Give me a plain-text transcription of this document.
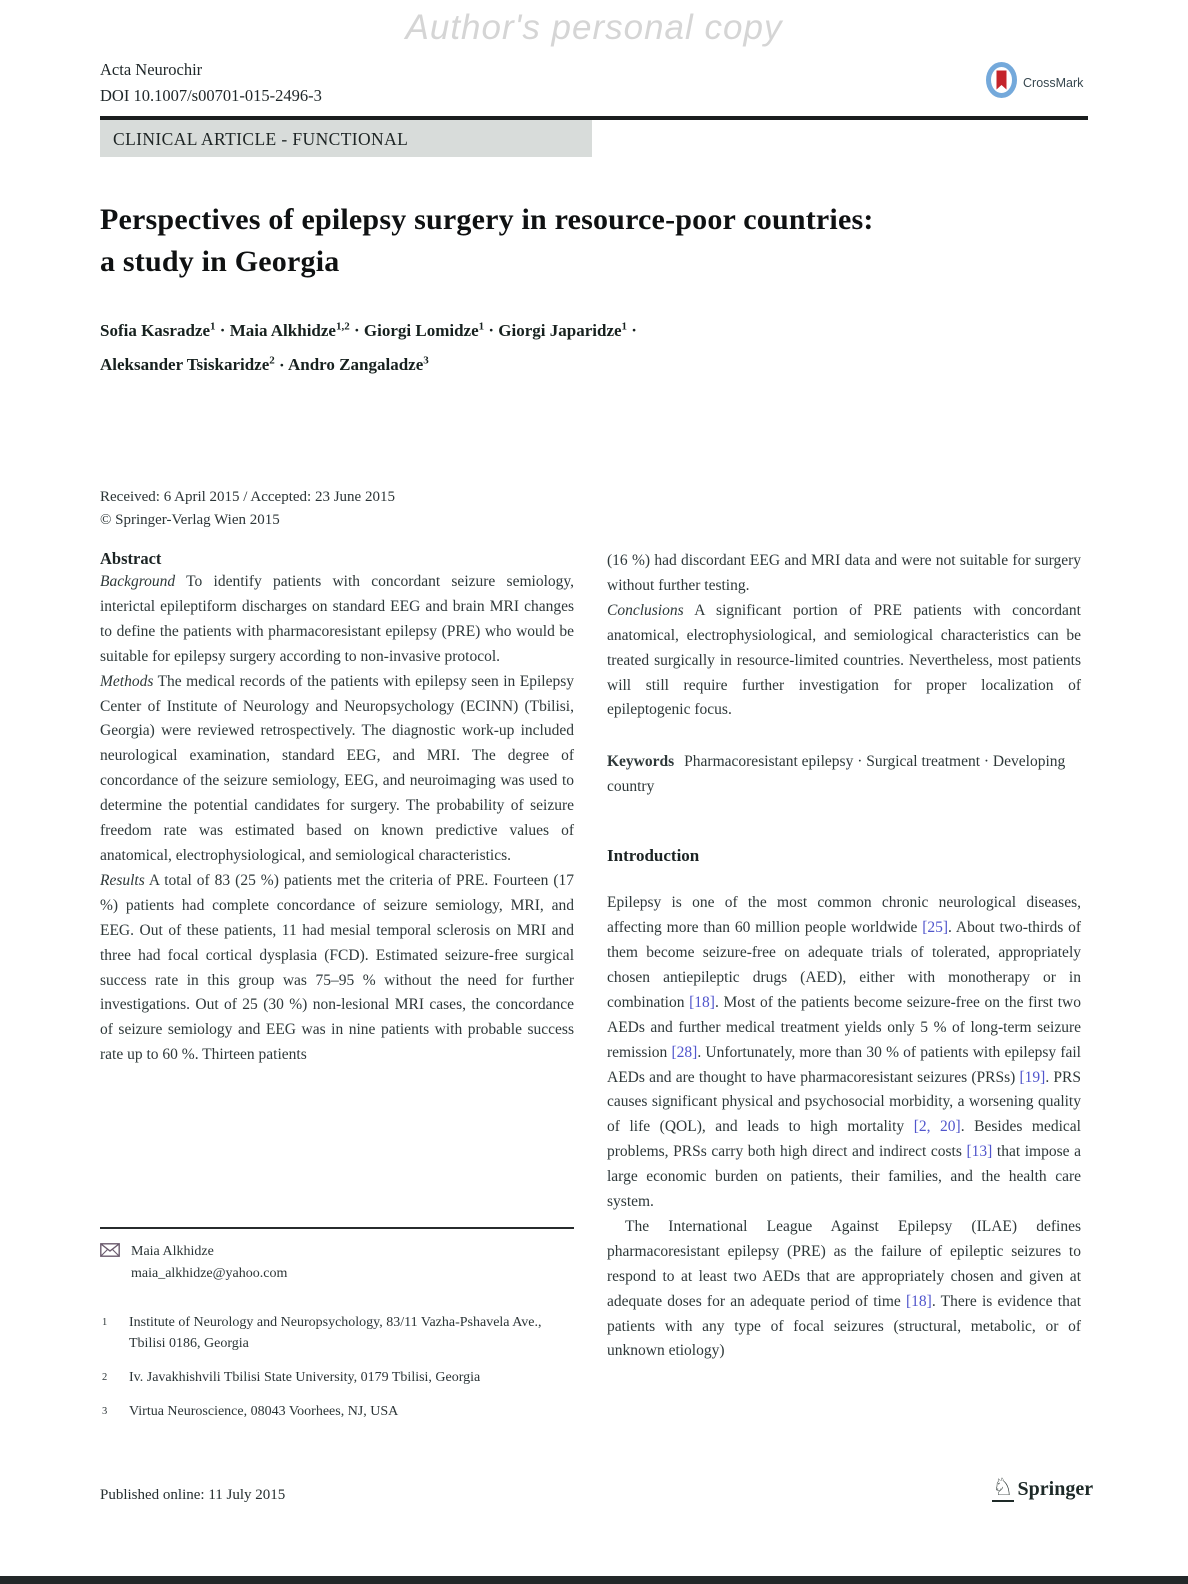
Author's personal copy
Acta Neurochir
DOI 10.1007/s00701-015-2496-3
CrossMark
CLINICAL ARTICLE - FUNCTIONAL
Perspectives of epilepsy surgery in resource-poor countries:
a study in Georgia
Sofia Kasradze$^1$ · Maia Alkhidze$^{1,2}$ · Giorgi Lomidze$^1$ · Giorgi Japaridze$^1$ ·
Aleksander Tsiskaridze$^2$ · Andro Zangaladze$^3$
Received: 6 April 2015 / Accepted: 23 June 2015
© Springer-Verlag Wien 2015
Abstract

Background To identify patients with concordant seizure semiology, interictal epileptiform discharges on standard EEG and brain MRI changes to define the patients with pharmacoresistant epilepsy (PRE) who would be suitable for epilepsy surgery according to non-invasive protocol.

Methods The medical records of the patients with epilepsy seen in Epilepsy Center of Institute of Neurology and Neuropsychology (ECINN) (Tbilisi, Georgia) were reviewed retrospectively. The diagnostic work-up included neurological examination, standard EEG, and MRI. The degree of concordance of the seizure semiology, EEG, and neuroimaging was used to determine the potential candidates for surgery. The probability of seizure freedom rate was estimated based on known predictive values of anatomical, electrophysiological, and semiological characteristics.

Results A total of 83 (25 %) patients met the criteria of PRE. Fourteen (17 %) patients had complete concordance of seizure semiology, MRI, and EEG. Out of these patients, 11 had mesial temporal sclerosis on MRI and three had focal cortical dysplasia (FCD). Estimated seizure-free surgical success rate in this group was 75–95 % without the need for further investigations. Out of 25 (30 %) non-lesional MRI cases, the concordance of seizure semiology and EEG was in nine patients with probable success rate up to 60 %. Thirteen patients

(16 %) had discordant EEG and MRI data and were not suitable for surgery without further testing.

Conclusions A significant portion of PRE patients with concordant anatomical, electrophysiological, and semiological characteristics can be treated surgically in resource-limited countries. Nevertheless, most patients will still require further investigation for proper localization of epileptogenic focus.

Keywords Pharmacoresistant epilepsy · Surgical treatment · Developing country
Introduction

Epilepsy is one of the most common chronic neurological diseases, affecting more than 60 million people worldwide [25]. About two-thirds of them become seizure-free on adequate trials of tolerated, appropriately chosen antiepileptic drugs (AED), either with monotherapy or in combination [18]. Most of the patients become seizure-free on the first two AEDs and further medical treatment yields only 5 % of long-term seizure remission [28]. Unfortunately, more than 30 % of patients with epilepsy fail AEDs and are thought to have pharmacoresistant seizures (PRSs) [19]. PRS causes significant physical and psychosocial morbidity, a worsening quality of life (QOL), and leads to high mortality [2, 20]. Besides medical problems, PRSs carry both high direct and indirect costs [13] that impose a large economic burden on patients, their families, and the health care system.

The International League Against Epilepsy (ILAE) defines pharmacoresistant epilepsy (PRE) as the failure of epileptic seizures to respond to at least two AEDs that are appropriately chosen and given at adequate doses for an adequate period of time [18]. There is evidence that patients with any type of focal seizures (structural, metabolic, or of unknown etiology)

Maia Alkhidze
maia_alkhidze@yahoo.com
1 Institute of Neurology and Neuropsychology, 83/11 Vazha-Pshavela Ave., Tbilisi 0186, Georgia
2 Iv. Javakhishvili Tbilisi State University, 0179 Tbilisi, Georgia
3 Virtua Neuroscience, 08043 Voorhees, NJ, USA
Published online: 11 July 2015	♘ Springer
